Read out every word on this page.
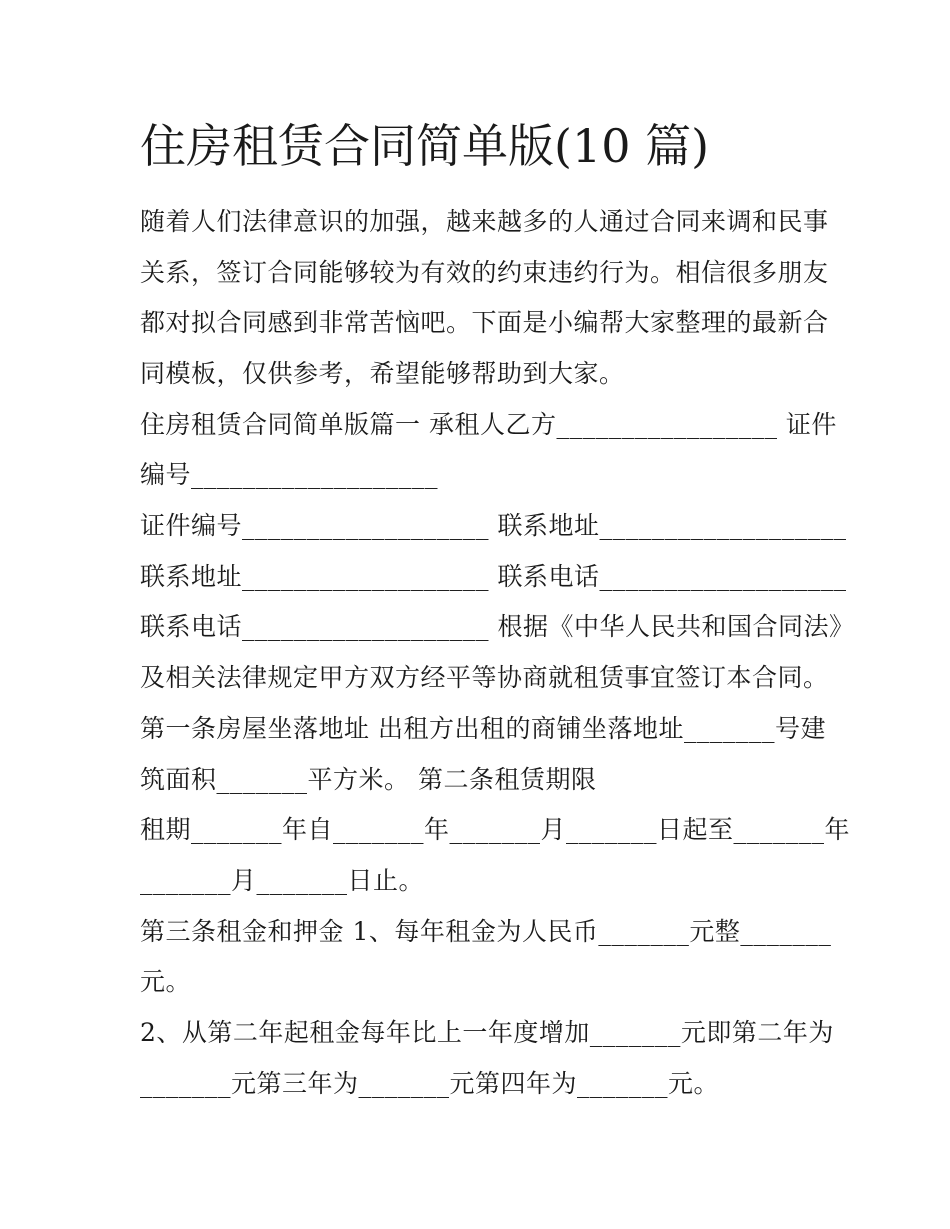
住房租赁合同简单版(10 篇)
随着人们法律意识的加强，越来越多的人通过合同来调和民事
关系，签订合同能够较为有效的约束违约行为。相信很多朋友
都对拟合同感到非常苦恼吧。下面是小编帮大家整理的最新合
同模板，仅供参考，希望能够帮助到大家。
住房租赁合同简单版篇一 承租人乙方_________________ 证件
编号___________________
证件编号___________________ 联系地址___________________
联系地址___________________ 联系电话___________________
联系电话___________________ 根据《中华人民共和国合同法》
及相关法律规定甲方双方经平等协商就租赁事宜签订本合同。
第一条房屋坐落地址 出租方出租的商铺坐落地址_______号建
筑面积_______平方米。 第二条租赁期限
租期_______年自_______年_______月_______日起至_______年
_______月_______日止。
第三条租金和押金 1、每年租金为人民币_______元整_______
元。
2、从第二年起租金每年比上一年度增加_______元即第二年为
_______元第三年为_______元第四年为_______元。
